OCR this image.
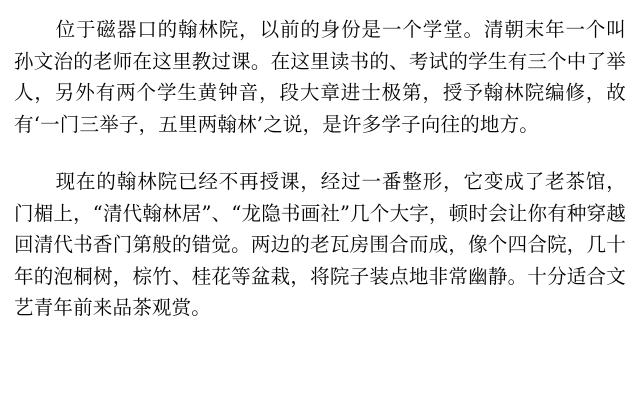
位于磁器口的翰林院，以前的身份是一个学堂。清朝末年一个叫孙文治的老师在这里教过课。在这里读书的、考试的学生有三个中了举人，另外有两个学生黄钟音，段大章进士极第，授予翰林院编修，故有‘一门三举子，五里两翰林’之说，是许多学子向往的地方。

现在的翰林院已经不再授课，经过一番整形，它变成了老茶馆，门楣上，“清代翰林居”、“龙隐书画社”几个大字，顿时会让你有种穿越回清代书香门第般的错觉。两边的老瓦房围合而成，像个四合院，几十年的泡桐树，棕竹、桂花等盆栽，将院子装点地非常幽静。十分适合文艺青年前来品茶观赏。
